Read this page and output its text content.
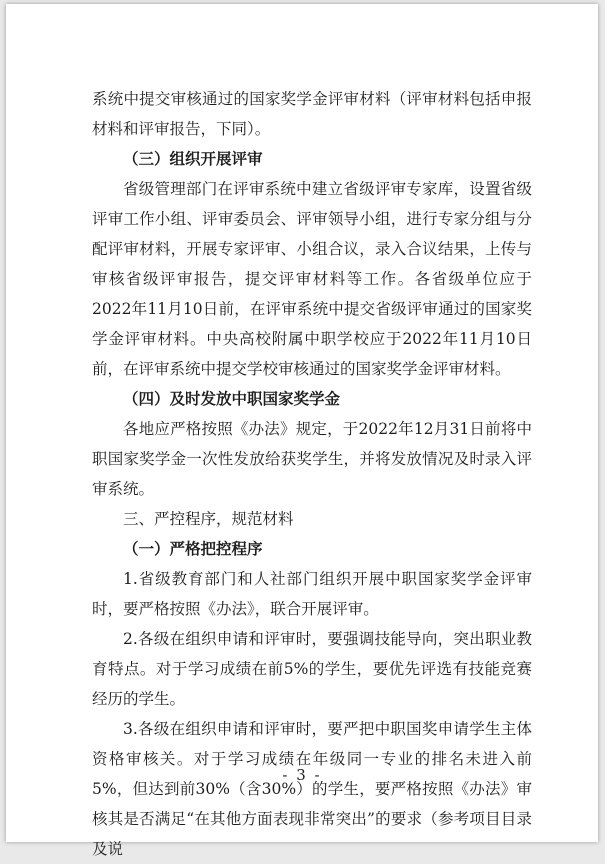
系统中提交审核通过的国家奖学金评审材料（评审材料包括申报材料和评审报告，下同）。

（三）组织开展评审

省级管理部门在评审系统中建立省级评审专家库，设置省级评审工作小组、评审委员会、评审领导小组，进行专家分组与分配评审材料，开展专家评审、小组合议，录入合议结果，上传与审核省级评审报告，提交评审材料等工作。各省级单位应于2022年11月10日前，在评审系统中提交省级评审通过的国家奖学金评审材料。中央高校附属中职学校应于2022年11月10日前，在评审系统中提交学校审核通过的国家奖学金评审材料。

（四）及时发放中职国家奖学金

各地应严格按照《办法》规定，于2022年12月31日前将中职国家奖学金一次性发放给获奖学生，并将发放情况及时录入评审系统。

三、严控程序，规范材料

（一）严格把控程序

1.省级教育部门和人社部门组织开展中职国家奖学金评审时，要严格按照《办法》，联合开展评审。

2.各级在组织申请和评审时，要强调技能导向，突出职业教育特点。对于学习成绩在前5%的学生，要优先评选有技能竞赛经历的学生。

3.各级在组织申请和评审时，要严把中职国奖申请学生主体资格审核关。对于学习成绩在年级同一专业的排名未进入前5%，但达到前30%（含30%）的学生，要严格按照《办法》审核其是否满足“在其他方面表现非常突出”的要求（参考项目目录及说

- 3 -
